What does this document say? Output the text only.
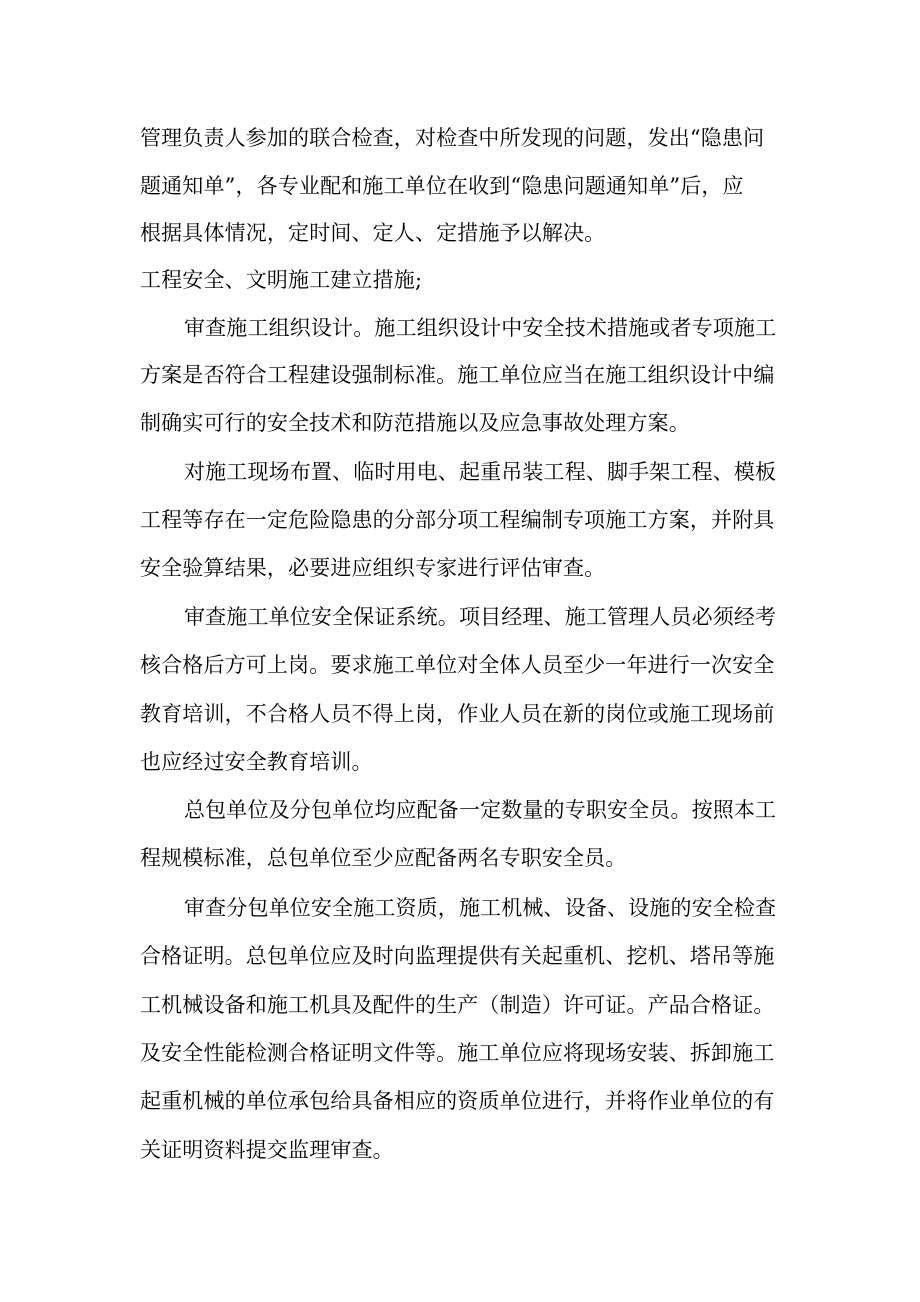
管理负责人参加的联合检查，对检查中所发现的问题，发出“隐患问
题通知单”，各专业配和施工单位在收到“隐患问题通知单”后，应
根据具体情况，定时间、定人、定措施予以解决。
工程安全、文明施工建立措施;
审查施工组织设计。施工组织设计中安全技术措施或者专项施工
方案是否符合工程建设强制标准。施工单位应当在施工组织设计中编
制确实可行的安全技术和防范措施以及应急事故处理方案。
对施工现场布置、临时用电、起重吊装工程、脚手架工程、模板
工程等存在一定危险隐患的分部分项工程编制专项施工方案，并附具
安全验算结果，必要进应组织专家进行评估审查。
审查施工单位安全保证系统。项目经理、施工管理人员必须经考
核合格后方可上岗。要求施工单位对全体人员至少一年进行一次安全
教育培训，不合格人员不得上岗，作业人员在新的岗位或施工现场前
也应经过安全教育培训。
总包单位及分包单位均应配备一定数量的专职安全员。按照本工
程规模标准，总包单位至少应配备两名专职安全员。
审查分包单位安全施工资质，施工机械、设备、设施的安全检查
合格证明。总包单位应及时向监理提供有关起重机、挖机、塔吊等施
工机械设备和施工机具及配件的生产（制造）许可证。产品合格证。
及安全性能检测合格证明文件等。施工单位应将现场安装、拆卸施工
起重机械的单位承包给具备相应的资质单位进行，并将作业单位的有
关证明资料提交监理审查。
